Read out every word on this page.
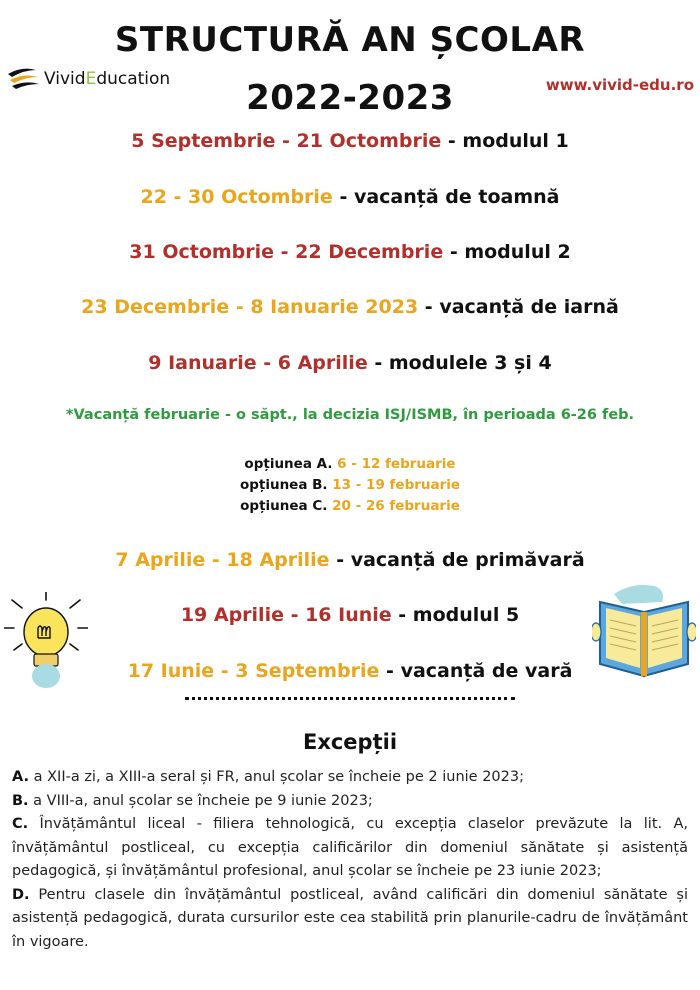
STRUCTURĂ AN ȘCOLAR
2022-2023
VividEducation	www.vivid-edu.ro
5 Septembrie - 21 Octombrie - modulul 1
22 - 30 Octombrie - vacanță de toamnă
31 Octombrie - 22 Decembrie - modulul 2
23 Decembrie - 8 Ianuarie 2023 - vacanță de iarnă
9 Ianuarie - 6 Aprilie - modulele 3 și 4
*Vacanță februarie - o săpt., la decizia ISJ/ISMB, în perioada 6-26 feb.
opțiunea A. 6 - 12 februarie
opțiunea B. 13 - 19 februarie
opțiunea C. 20 - 26 februarie
7 Aprilie - 18 Aprilie - vacanță de primăvară
19 Aprilie - 16 Iunie - modulul 5
17 Iunie - 3 Septembrie - vacanță de vară
Excepții

A. a XII-a zi, a XIII-a seral și FR, anul școlar se încheie pe 2 iunie 2023;

B. a VIII-a, anul școlar se încheie pe 9 iunie 2023;

C. Învățământul liceal - filiera tehnologică, cu excepția claselor prevăzute la lit. A, învățământul postliceal, cu excepția calificărilor din domeniul sănătate și asistență pedagogică, și învățământul profesional, anul școlar se încheie pe 23 iunie 2023;

D. Pentru clasele din învățământul postliceal, având calificări din domeniul sănătate și asistență pedagogică, durata cursurilor este cea stabilită prin planurile-cadru de învățământ în vigoare.
